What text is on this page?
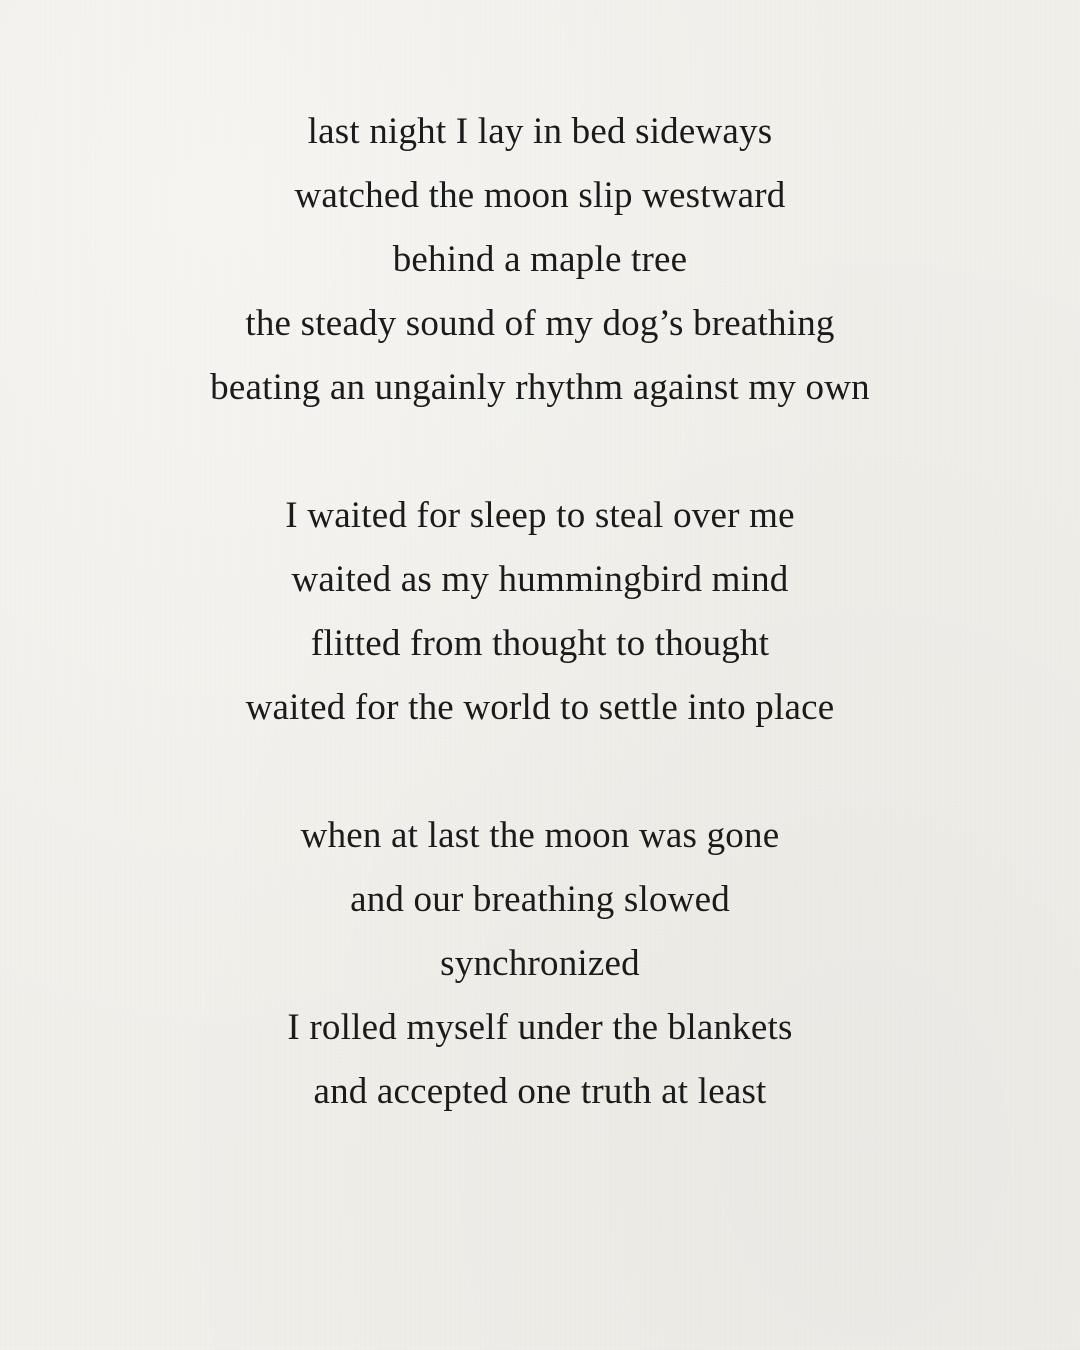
last night I lay in bed sideways
watched the moon slip westward
behind a maple tree
the steady sound of my dog’s breathing
beating an ungainly rhythm against my own
I waited for sleep to steal over me
waited as my hummingbird mind
flitted from thought to thought
waited for the world to settle into place
when at last the moon was gone
and our breathing slowed
synchronized
I rolled myself under the blankets
and accepted one truth at least
